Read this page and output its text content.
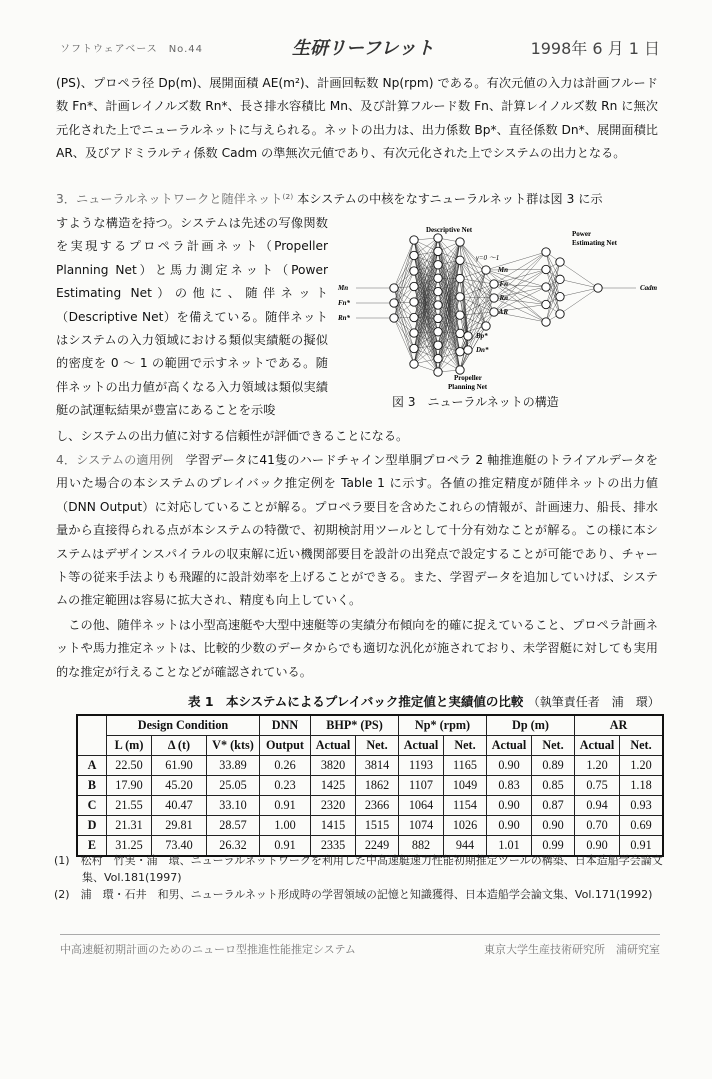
ソフトウェアベース　No.44	生研リーフレット	1998年 6 月 1 日

(PS)、プロペラ径 Dp(m)、展開面積 AE(m²)、計画回転数 Np(rpm) である。有次元値の入力は計画フルード数 Fn*、計画レイノルズ数 Rn*、長さ排水容積比 Mn、及び計算フルード数 Fn、計算レイノルズ数 Rn に無次元化された上でニューラルネットに与えられる。ネットの出力は、出力係数 Bp*、直径係数 Dn*、展開面積比 AR、及びアドミラルティ係数 Cadm の準無次元値であり、有次元化された上でシステムの出力となる。

3．ニューラルネットワークと随伴ネット⁽²⁾ 本システムの中核をなすニューラルネット群は図 3 に示

すような構造を持つ。システムは先述の写像関数を実現するプロペラ計画ネット（Propeller Planning Net）と馬力測定ネット（Power Estimating Net）の他に、随伴ネット（Descriptive Net）を備えている。随伴ネットはシステムの入力領域における類似実績艇の擬似的密度を 0 ～ 1 の範囲で示すネットである。随伴ネットの出力値が高くなる入力領域は類似実績艇の試運転結果が豊富にあることを示唆

Descriptive Net	Power
Estimating Net
γ=0 ～1
Propeller
Planning Net
Mn
Fn*
Rn*
Mn
Fn
Rn
AR
Bp*
Dn*
Cadm
図 3　ニューラルネットの構造

し、システムの出力値に対する信頼性が評価できることになる。

4．システムの適用例　 学習データに41隻のハードチャイン型単胴プロペラ 2 軸推進艇のトライアルデータを用いた場合の本システムのプレイバック推定例を Table 1 に示す。各値の推定精度が随伴ネットの出力値（DNN Output）に対応していることが解る。プロペラ要目を含めたこれらの情報が、計画速力、船長、排水量から直接得られる点が本システムの特徴で、初期検討用ツールとして十分有効なことが解る。この様に本システムはデザインスパイラルの収束解に近い機関部要目を設計の出発点で設定することが可能であり、チャート等の従来手法よりも飛躍的に設計効率を上げることができる。また、学習データを追加していけば、システムの推定範囲は容易に拡大され、精度も向上していく。

この他、随伴ネットは小型高速艇や大型中速艇等の実績分布傾向を的確に捉えていること、プロペラ計画ネットや馬力推定ネットは、比較的少数のデータからでも適切な汎化が施されており、未学習艇に対しても実用的な推定が行えることなどが確認されている。

表 1　本システムによるプレイバック推定値と実績値の比較 （執筆責任者　浦　環）
	Design Condition			DNN	BHP* (PS)		Np* (rpm)		Dp (m)		AR	
	L (m)	Δ (t)	V* (kts)	Output	Actual	Net.	Actual	Net.	Actual	Net.	Actual	Net.
A	22.50	61.90	33.89	0.26	3820	3814	1193	1165	0.90	0.89	1.20	1.20
B	17.90	45.20	25.05	0.23	1425	1862	1107	1049	0.83	0.85	0.75	1.18
C	21.55	40.47	33.10	0.91	2320	2366	1064	1154	0.90	0.87	0.94	0.93
D	21.31	29.81	28.57	1.00	1415	1515	1074	1026	0.90	0.90	0.70	0.69
E	31.25	73.40	26.32	0.91	2335	2249	882	944	1.01	0.99	0.90	0.91
(1)　松村　竹実・浦　環、ニューラルネットワークを利用した中高速艇速力性能初期推定ツールの構築、日本造船学会論文集、Vol.181(1997)
(2)　浦　環・石井　和男、ニューラルネット形成時の学習領域の記憶と知識獲得、日本造船学会論文集、Vol.171(1992)
中高速艇初期計画のためのニューロ型推進性能推定システム	東京大学生産技術研究所　浦研究室
